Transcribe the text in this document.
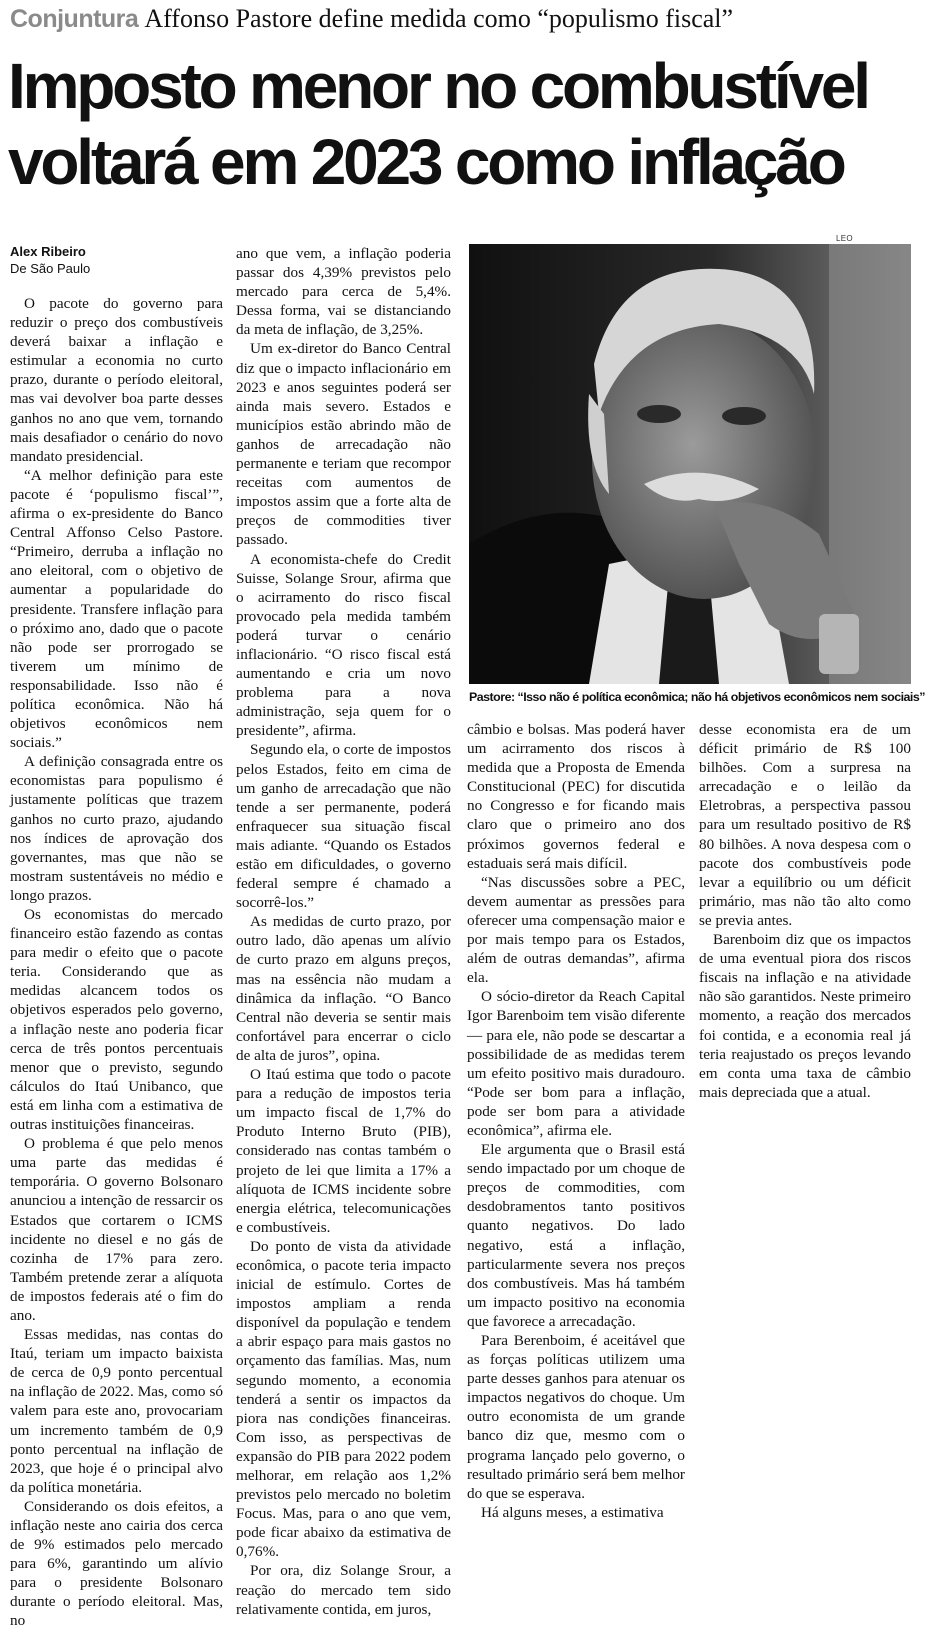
Conjuntura Affonso Pastore define medida como “populismo fiscal”
Imposto menor no combustível
voltará em 2023 como inflação
Alex Ribeiro
De São Paulo

O pacote do governo para reduzir o preço dos combustíveis deverá baixar a inflação e estimular a economia no curto prazo, durante o período eleitoral, mas vai devolver boa parte desses ganhos no ano que vem, tornando mais desafiador o cenário do novo mandato presidencial.

“A melhor definição para este pacote é ‘populismo fiscal’”, afirma o ex-presidente do Banco Central Affonso Celso Pastore. “Primeiro, derruba a inflação no ano eleitoral, com o objetivo de aumentar a popularidade do presidente. Transfere inflação para o próximo ano, dado que o pacote não pode ser prorrogado se tiverem um mínimo de responsabilidade. Isso não é política econômica. Não há objetivos econômicos nem sociais.”

A definição consagrada entre os economistas para populismo é justamente políticas que trazem ganhos no curto prazo, ajudando nos índices de aprovação dos governantes, mas que não se mostram sustentáveis no médio e longo prazos.

Os economistas do mercado financeiro estão fazendo as contas para medir o efeito que o pacote teria. Considerando que as medidas alcancem todos os objetivos esperados pelo governo, a inflação neste ano poderia ficar cerca de três pontos percentuais menor que o previsto, segundo cálculos do Itaú Unibanco, que está em linha com a estimativa de outras instituições financeiras.

O problema é que pelo menos uma parte das medidas é temporária. O governo Bolsonaro anunciou a intenção de ressarcir os Estados que cortarem o ICMS incidente no diesel e no gás de cozinha de 17% para zero. Também pretende zerar a alíquota de impostos federais até o fim do ano.

Essas medidas, nas contas do Itaú, teriam um impacto baixista de cerca de 0,9 ponto percentual na inflação de 2022. Mas, como só valem para este ano, provocariam um incremento também de 0,9 ponto percentual na inflação de 2023, que hoje é o principal alvo da política monetária.

Considerando os dois efeitos, a inflação neste ano cairia dos cerca de 9% estimados pelo mercado para 6%, garantindo um alívio para o presidente Bolsonaro durante o período eleitoral. Mas, no

ano que vem, a inflação poderia passar dos 4,39% previstos pelo mercado para cerca de 5,4%. Dessa forma, vai se distanciando da meta de inflação, de 3,25%.

Um ex-diretor do Banco Central diz que o impacto inflacionário em 2023 e anos seguintes poderá ser ainda mais severo. Estados e municípios estão abrindo mão de ganhos de arrecadação não permanente e teriam que recompor receitas com aumentos de impostos assim que a forte alta de preços de commodities tiver passado.

A economista-chefe do Credit Suisse, Solange Srour, afirma que o acirramento do risco fiscal provocado pela medida também poderá turvar o cenário inflacionário. “O risco fiscal está aumentando e cria um novo problema para a nova administração, seja quem for o presidente”, afirma.

Segundo ela, o corte de impostos pelos Estados, feito em cima de um ganho de arrecadação que não tende a ser permanente, poderá enfraquecer sua situação fiscal mais adiante. “Quando os Estados estão em dificuldades, o governo federal sempre é chamado a socorrê-los.”

As medidas de curto prazo, por outro lado, dão apenas um alívio de curto prazo em alguns preços, mas na essência não mudam a dinâmica da inflação. “O Banco Central não deveria se sentir mais confortável para encerrar o ciclo de alta de juros”, opina.

O Itaú estima que todo o pacote para a redução de impostos teria um impacto fiscal de 1,7% do Produto Interno Bruto (PIB), considerado nas contas também o projeto de lei que limita a 17% a alíquota de ICMS incidente sobre energia elétrica, telecomunicações e combustíveis.

Do ponto de vista da atividade econômica, o pacote teria impacto inicial de estímulo. Cortes de impostos ampliam a renda disponível da população e tendem a abrir espaço para mais gastos no orçamento das famílias. Mas, num segundo momento, a economia tenderá a sentir os impactos da piora nas condições financeiras. Com isso, as perspectivas de expansão do PIB para 2022 podem melhorar, em relação aos 1,2% previstos pelo mercado no boletim Focus. Mas, para o ano que vem, pode ficar abaixo da estimativa de 0,76%.

Por ora, diz Solange Srour, a reação do mercado tem sido relativamente contida, em juros,

LEO
Pastore: “Isso não é política econômica; não há objetivos econômicos nem sociais”

câmbio e bolsas. Mas poderá haver um acirramento dos riscos à medida que a Proposta de Emenda Constitucional (PEC) for discutida no Congresso e for ficando mais claro que o primeiro ano dos próximos governos federal e estaduais será mais difícil.

“Nas discussões sobre a PEC, devem aumentar as pressões para oferecer uma compensação maior e por mais tempo para os Estados, além de outras demandas”, afirma ela.

O sócio-diretor da Reach Capital Igor Barenboim tem visão diferente — para ele, não pode se descartar a possibilidade de as medidas terem um efeito positivo mais duradouro. “Pode ser bom para a inflação, pode ser bom para a atividade econômica”, afirma ele.

Ele argumenta que o Brasil está sendo impactado por um choque de preços de commodities, com desdobramentos tanto positivos quanto negativos. Do lado negativo, está a inflação, particularmente severa nos preços dos combustíveis. Mas há também um impacto positivo na economia que favorece a arrecadação.

Para Berenboim, é aceitável que as forças políticas utilizem uma parte desses ganhos para atenuar os impactos negativos do choque. Um outro economista de um grande banco diz que, mesmo com o programa lançado pelo governo, o resultado primário será bem melhor do que se esperava.

Há alguns meses, a estimativa

desse economista era de um déficit primário de R$ 100 bilhões. Com a surpresa na arrecadação e o leilão da Eletrobras, a perspectiva passou para um resultado positivo de R$ 80 bilhões. A nova despesa com o pacote dos combustíveis pode levar a equilíbrio ou um déficit primário, mas não tão alto como se previa antes.

Barenboim diz que os impactos de uma eventual piora dos riscos fiscais na inflação e na atividade não são garantidos. Neste primeiro momento, a reação dos mercados foi contida, e a economia real já teria reajustado os preços levando em conta uma taxa de câmbio mais depreciada que a atual.
